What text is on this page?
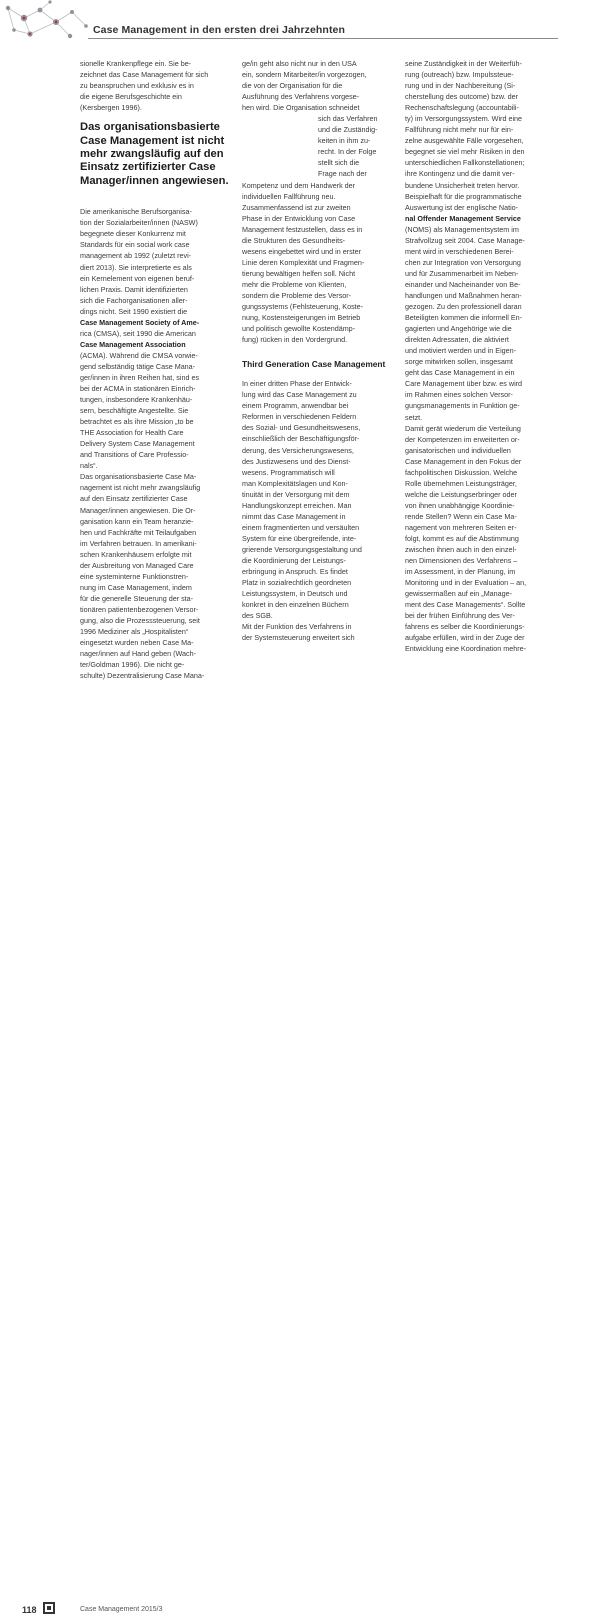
Case Management in den ersten drei Jahrzehnten

sionelle Krankenpflege ein. Sie be-
zeichnet das Case Management für sich
zu beanspruchen und exklusiv es in
die eigene Berufsgeschichte ein
(Kersbergen 1996).

Das organisationsbasierte Case Management ist nicht mehr zwangsläufig auf den Einsatz zertifizierter Case Manager/innen angewiesen.

Die amerikanische Berufsorganisa-
tion der Sozialarbeiter/innen (NASW)
begegnete dieser Konkurrenz mit
Standards für ein social work case
management ab 1992 (zuletzt revi-
diert 2013). Sie interpretierte es als
ein Kernelement von eigenen beruf-
lichen Praxis. Damit identifizierten
sich die Fachorganisationen aller-
dings nicht. Seit 1990 existiert die
Case Management Society of Ame-
rica (CMSA), seit 1990 die American
Case Management Association
(ACMA). Während die CMSA vorwie-
gend selbständig tätige Case Mana-
ger/innen in ihren Reihen hat, sind es
bei der ACMA in stationären Einrich-
tungen, insbesondere Krankenhäu-
sern, beschäftigte Angestellte. Sie
betrachtet es als ihre Mission „to be
THE Association for Health Care
Delivery System Case Management
and Transitions of Care Professio-
nals“.
Das organisationsbasierte Case Ma-
nagement ist nicht mehr zwangsläufig
auf den Einsatz zertifizierter Case
Manager/innen angewiesen. Die Or-
ganisation kann ein Team heranzie-
hen und Fachkräfte mit Teilaufgaben
im Verfahren betrauen. In amerikani-
schen Krankenhäusern erfolgte mit
der Ausbreitung von Managed Care
eine systeminterne Funktionstren-
nung im Case Management, indem
für die generelle Steuerung der sta-
tionären patientenbezogenen Versor-
gung, also die Prozesssteuerung, seit
1996 Mediziner als „Hospitalisten“
eingesetzt wurden neben Case Ma-
nager/innen auf Hand geben (Wach-
ter/Goldman 1996). Die nicht ge-
schulte) Dezentralisierung Case Mana-

ge/in geht also nicht nur in den USA
ein, sondern Mitarbeiter/in vorgezogen,
die von der Organisation für die
Ausführung des Verfahrens vorgese-
hen wird. Die Organisation schneidet
sich das Verfahren
und die Zuständig-
keiten in ihm zu-
recht. In der Folge
stellt sich die
Frage nach der
Kompetenz und dem Handwerk der
individuellen Fallführung neu.
Zusammenfassend ist zur zweiten
Phase in der Entwicklung von Case
Management festzustellen, dass es in
die Strukturen des Gesundheits-
wesens eingebettet wird und in erster
Linie deren Komplexität und Fragmen-
tierung bewältigen helfen soll. Nicht
mehr die Probleme von Klienten,
sondern die Probleme des Versor-
gungssystems (Fehlsteuerung, Koste-
nung, Kostensteigerungen im Betrieb
und politisch gewollte Kostendämp-
fung) rücken in den Vordergrund.

Third Generation Case Management

In einer dritten Phase der Entwick-
lung wird das Case Management zu
einem Programm, anwendbar bei
Reformen in verschiedenen Feldern
des Sozial- und Gesundheitswesens,
einschließlich der Beschäftigungsför-
derung, des Versicherungswesens,
des Justizwesens und des Dienst-
wesens. Programmatisch will
man Komplexitätslagen und Kon-
tinuität in der Versorgung mit dem
Handlungskonzept erreichen. Man
nimmt das Case Management in
einem fragmentierten und versäulten
System für eine übergreifende, inte-
grierende Versorgungsgestaltung und
die Koordinierung der Leistungs-
erbringung in Anspruch. Es findet
Platz in sozialrechtlich geordneten
Leistungssystem, in Deutsch und
konkret in den einzelnen Büchern
des SGB.
Mit der Funktion des Verfahrens in
der Systemsteuerung erweitert sich

seine Zuständigkeit in der Weiterfüh-
rung (outreach) bzw. Impulssteue-
rung und in der Nachbereitung (Si-
cherstellung des outcome) bzw. der
Rechenschaftslegung (accountabili-
ty) im Versorgungssystem. Wird eine
Fallführung nicht mehr nur für ein-
zelne ausgewählte Fälle vorgesehen,
begegnet sie viel mehr Risiken in den
unterschiedlichen Fallkonstellationen;
ihre Kontingenz und die damit ver-
bundene Unsicherheit treten hervor.
Beispielhaft für die programmatische
Auswertung ist der englische Natio-
nal Offender Management Service
(NOMS) als Managementsystem im
Strafvollzug seit 2004. Case Manage-
ment wird in verschiedenen Berei-
chen zur Integration von Versorgung
und für Zusammenarbeit im Neben-
einander und Nacheinander von Be-
handlungen und Maßnahmen heran-
gezogen. Zu den professionell daran
Beteiligten kommen die informell En-
gagierten und Angehörige wie die
direkten Adressaten, die aktiviert
und motiviert werden und in Eigen-
sorge mitwirken sollen, insgesamt
geht das Case Management in ein
Care Management über bzw. es wird
im Rahmen eines solchen Versor-
gungsmanagements in Funktion ge-
setzt.
Damit gerät wiederum die Verteilung
der Kompetenzen im erweiterten or-
ganisatorischen und individuellen
Case Management in den Fokus der
fachpolitischen Diskussion. Welche
Rolle übernehmen Leistungsträger,
welche die Leistungserbringer oder
von ihnen unabhängige Koordinie-
rende Stellen? Wenn ein Case Ma-
nagement von mehreren Seiten er-
folgt, kommt es auf die Abstimmung
zwischen ihnen auch in den einzel-
nen Dimensionen des Verfahrens –
im Assessment, in der Planung, im
Monitoring und in der Evaluation – an,
gewissermaßen auf ein „Manage-
ment des Case Managements“. Sollte
bei der frühen Einführung des Ver-
fahrens es selber die Koordinierungs-
aufgabe erfüllen, wird in der Zuge der
Entwicklung eine Koordination mehre-

118	Case Management 2015/3
